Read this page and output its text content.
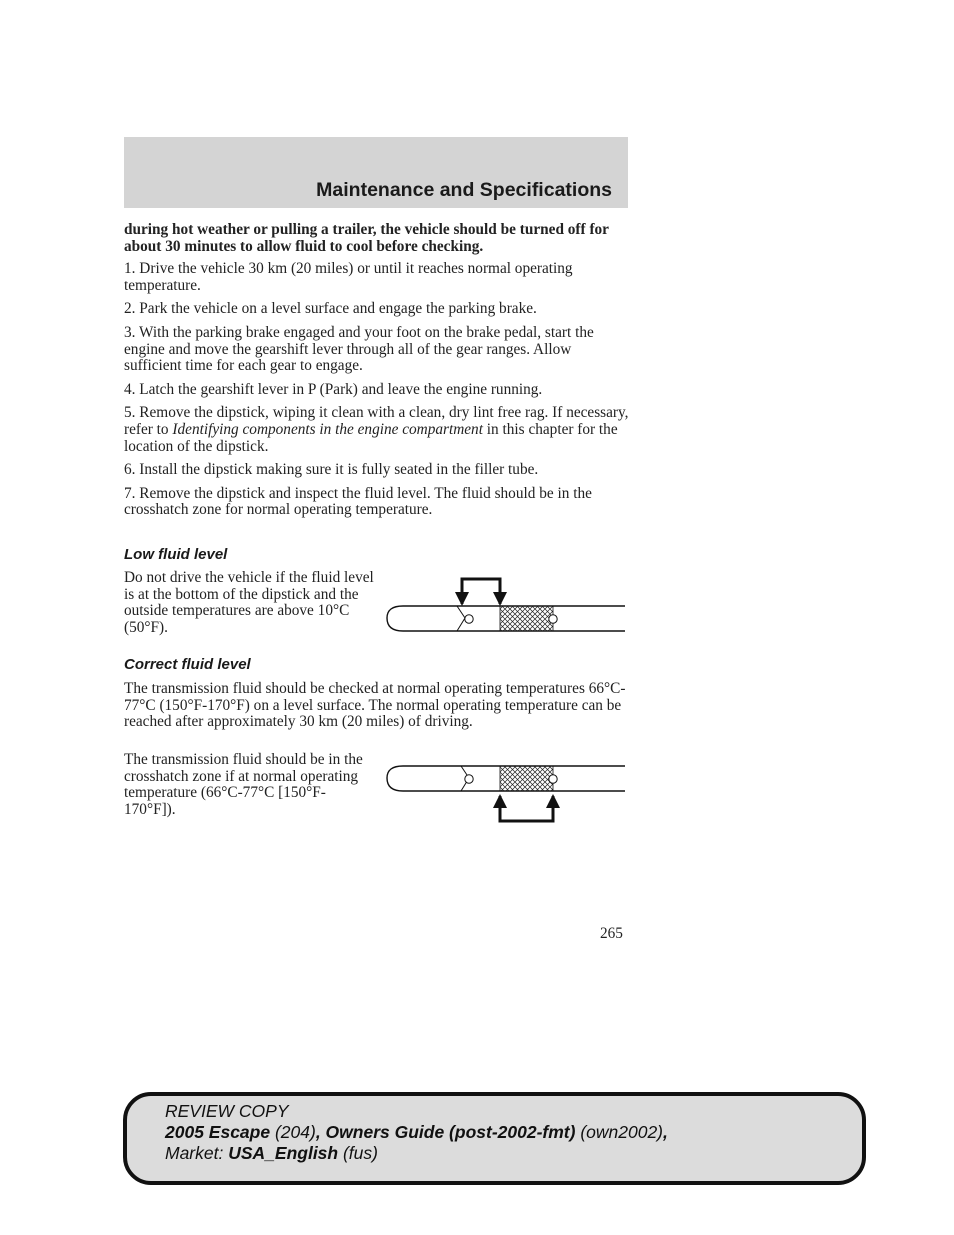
Maintenance and Specifications

during hot weather or pulling a trailer, the vehicle should be turned off for about 30 minutes to allow fluid to cool before checking.

1. Drive the vehicle 30 km (20 miles) or until it reaches normal operating temperature.

2. Park the vehicle on a level surface and engage the parking brake.

3. With the parking brake engaged and your foot on the brake pedal, start the engine and move the gearshift lever through all of the gear ranges. Allow sufficient time for each gear to engage.

4. Latch the gearshift lever in P (Park) and leave the engine running.

5. Remove the dipstick, wiping it clean with a clean, dry lint free rag. If necessary, refer to Identifying components in the engine compartment in this chapter for the location of the dipstick.

6. Install the dipstick making sure it is fully seated in the filler tube.

7. Remove the dipstick and inspect the fluid level. The fluid should be in the crosshatch zone for normal operating temperature.

Low fluid level
Do not drive the vehicle if the fluid level is at the bottom of the dipstick and the outside temperatures are above 10°C (50°F).
Correct fluid level
The transmission fluid should be checked at normal operating temperatures 66°C-77°C (150°F-170°F) on a level surface. The normal operating temperature can be reached after approximately 30 km (20 miles) of driving.
The transmission fluid should be in the crosshatch zone if at normal operating temperature (66°C-77°C [150°F-170°F]).
265
REVIEW COPY
2005 Escape (204), Owners Guide (post-2002-fmt) (own2002),
Market: USA_English (fus)
